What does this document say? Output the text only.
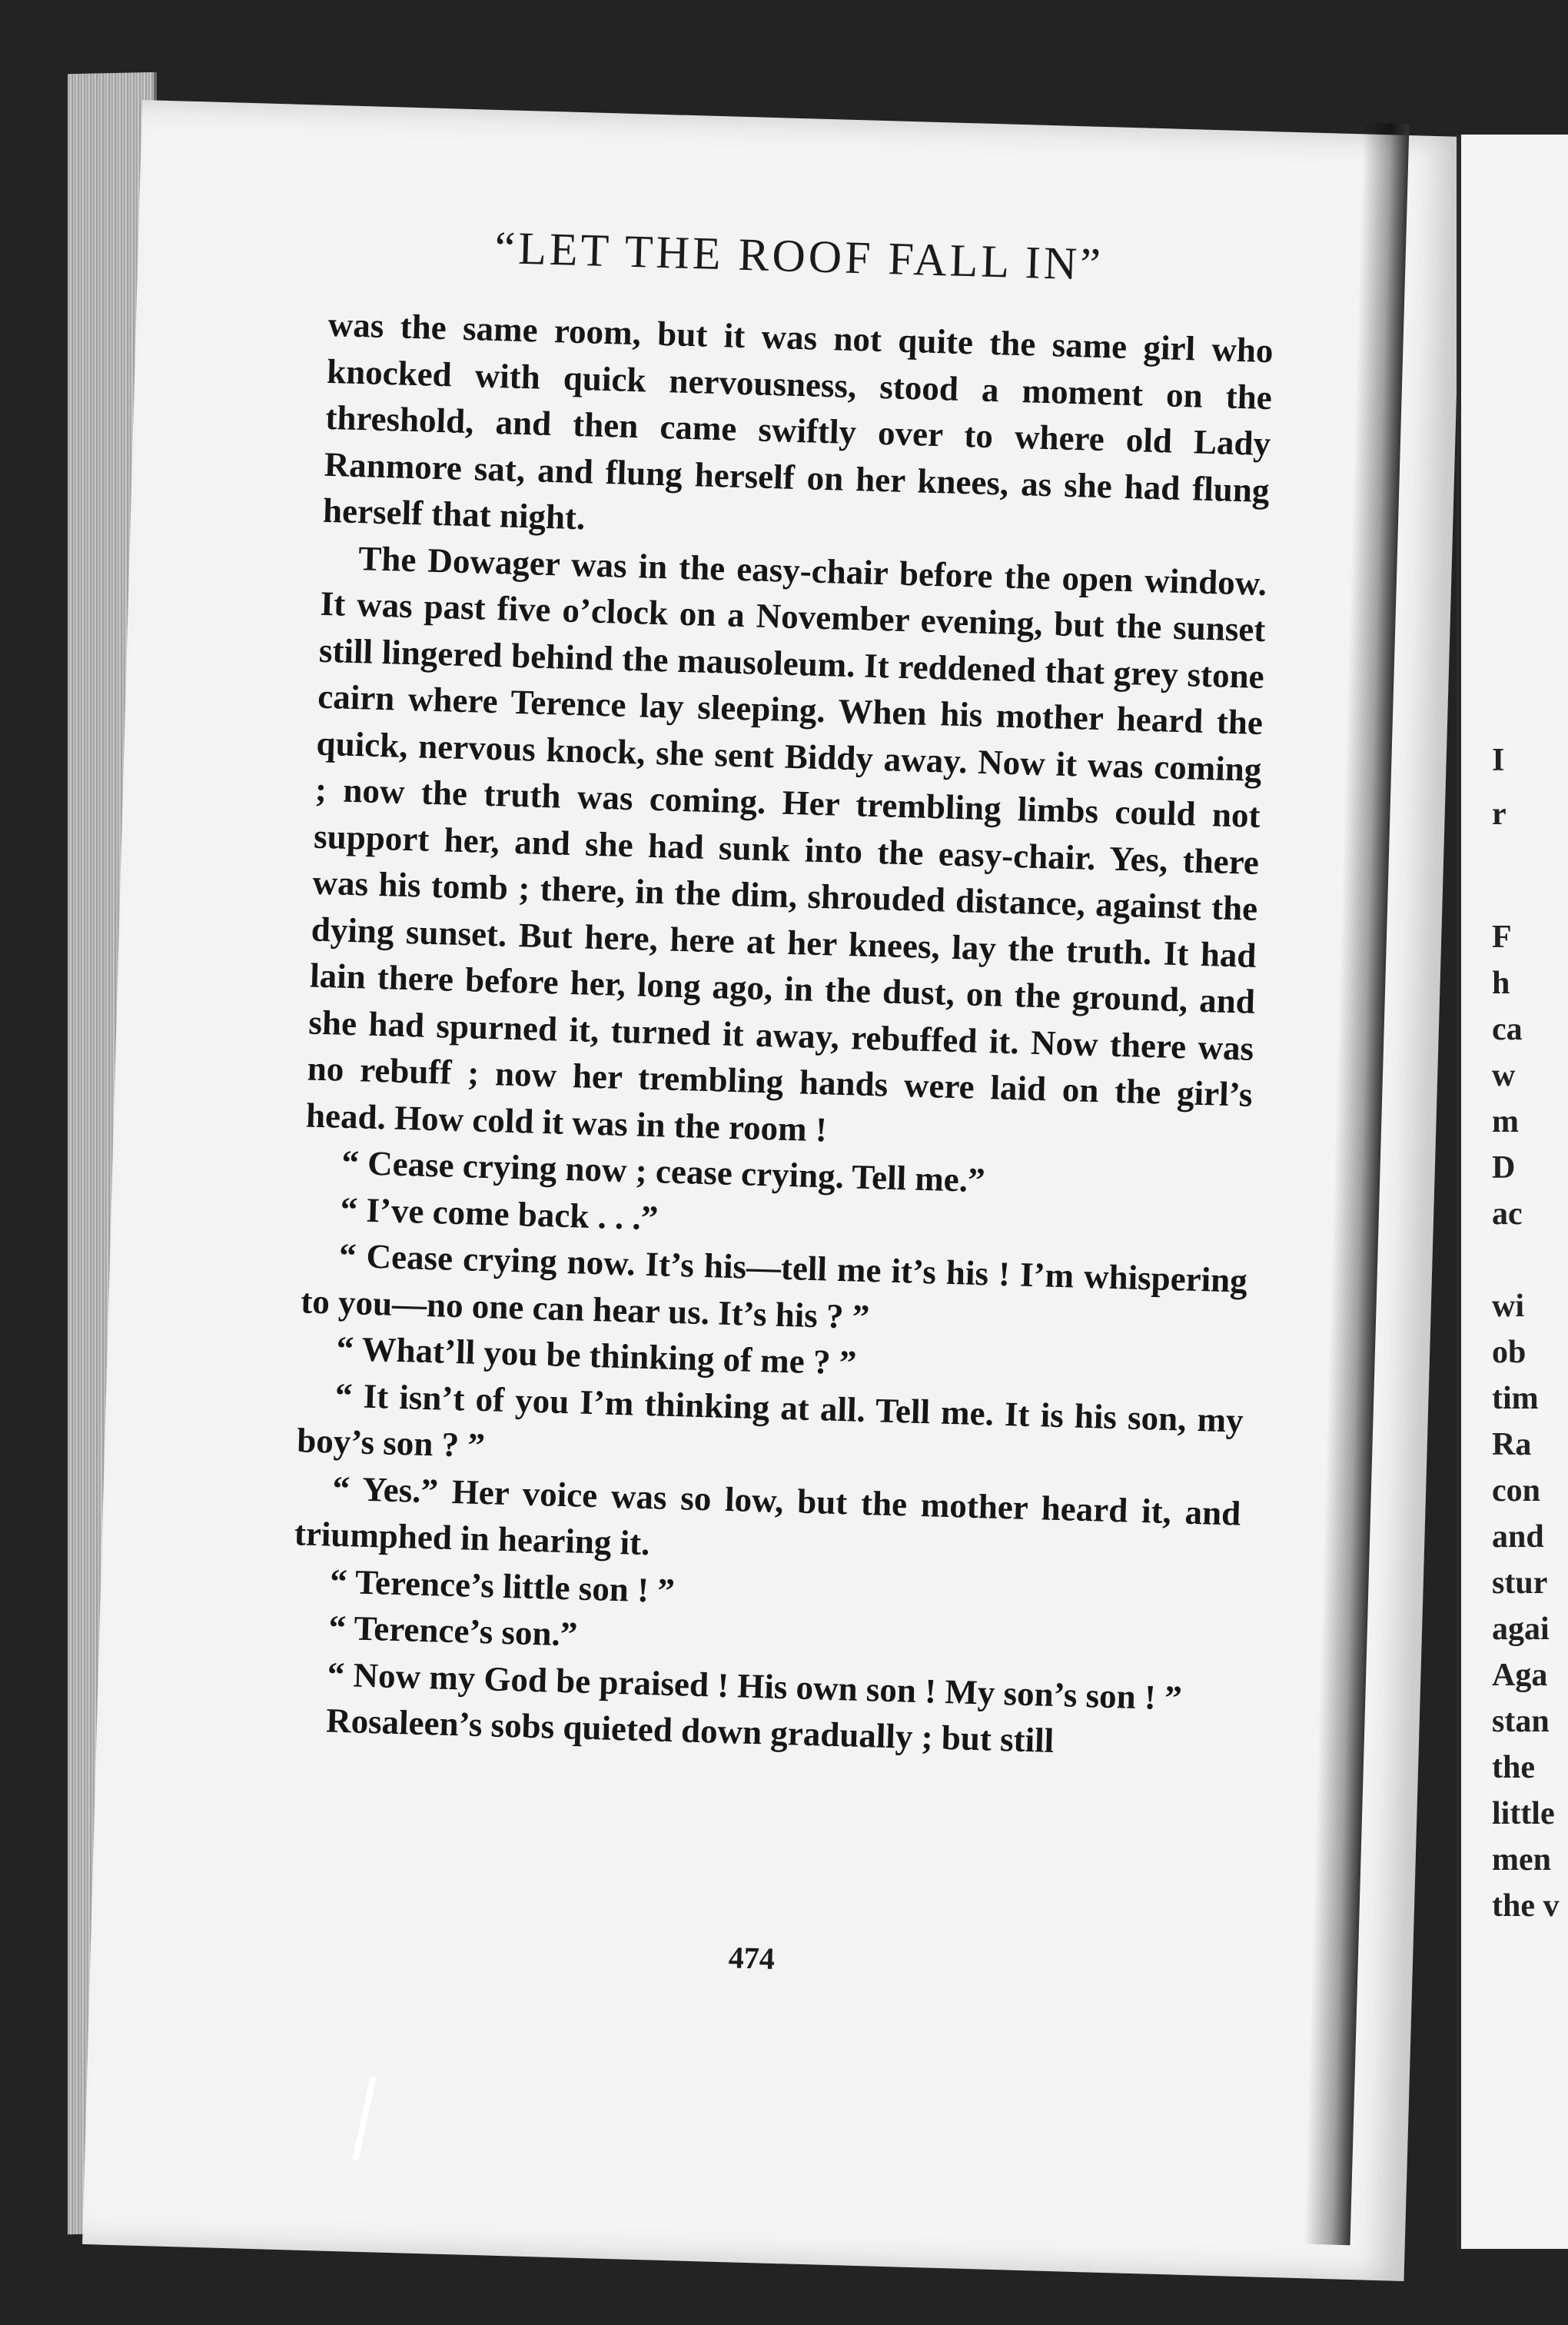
“LET THE ROOF FALL IN”

was the same room, but it was not quite the same girl who knocked with quick nervousness, stood a moment on the threshold, and then came swiftly over to where old Lady Ranmore sat, and flung herself on her knees, as she had flung herself that night.

The Dowager was in the easy-chair before the open window. It was past five o’clock on a November evening, but the sunset still lingered behind the mausoleum. It reddened that grey stone cairn where Terence lay sleeping. When his mother heard the quick, nervous knock, she sent Biddy away. Now it was coming ; now the truth was coming. Her trembling limbs could not support her, and she had sunk into the easy-chair. Yes, there was his tomb ; there, in the dim, shrouded distance, against the dying sunset. But here, here at her knees, lay the truth. It had lain there before her, long ago, in the dust, on the ground, and she had spurned it, turned it away, rebuffed it. Now there was no rebuff ; now her trembling hands were laid on the girl’s head. How cold it was in the room !

“ Cease crying now ; cease crying. Tell me.”

“ I’ve come back . . .”

“ Cease crying now. It’s his—tell me it’s his ! I’m whispering to you—no one can hear us. It’s his ? ”

“ What’ll you be thinking of me ? ”

“ It isn’t of you I’m thinking at all. Tell me. It is his son, my boy’s son ? ”

“ Yes.” Her voice was so low, but the mother heard it, and triumphed in hearing it.

“ Terence’s little son ! ”

“ Terence’s son.”

“ Now my God be praised ! His own son ! My son’s son ! ”

Rosaleen’s sobs quieted down gradually ; but still

474
I
r
F
h
ca
w
m
D
ac
wi
ob
tim
Ra
con
and
stur
agai
Aga
stan
the
little
men
the v
